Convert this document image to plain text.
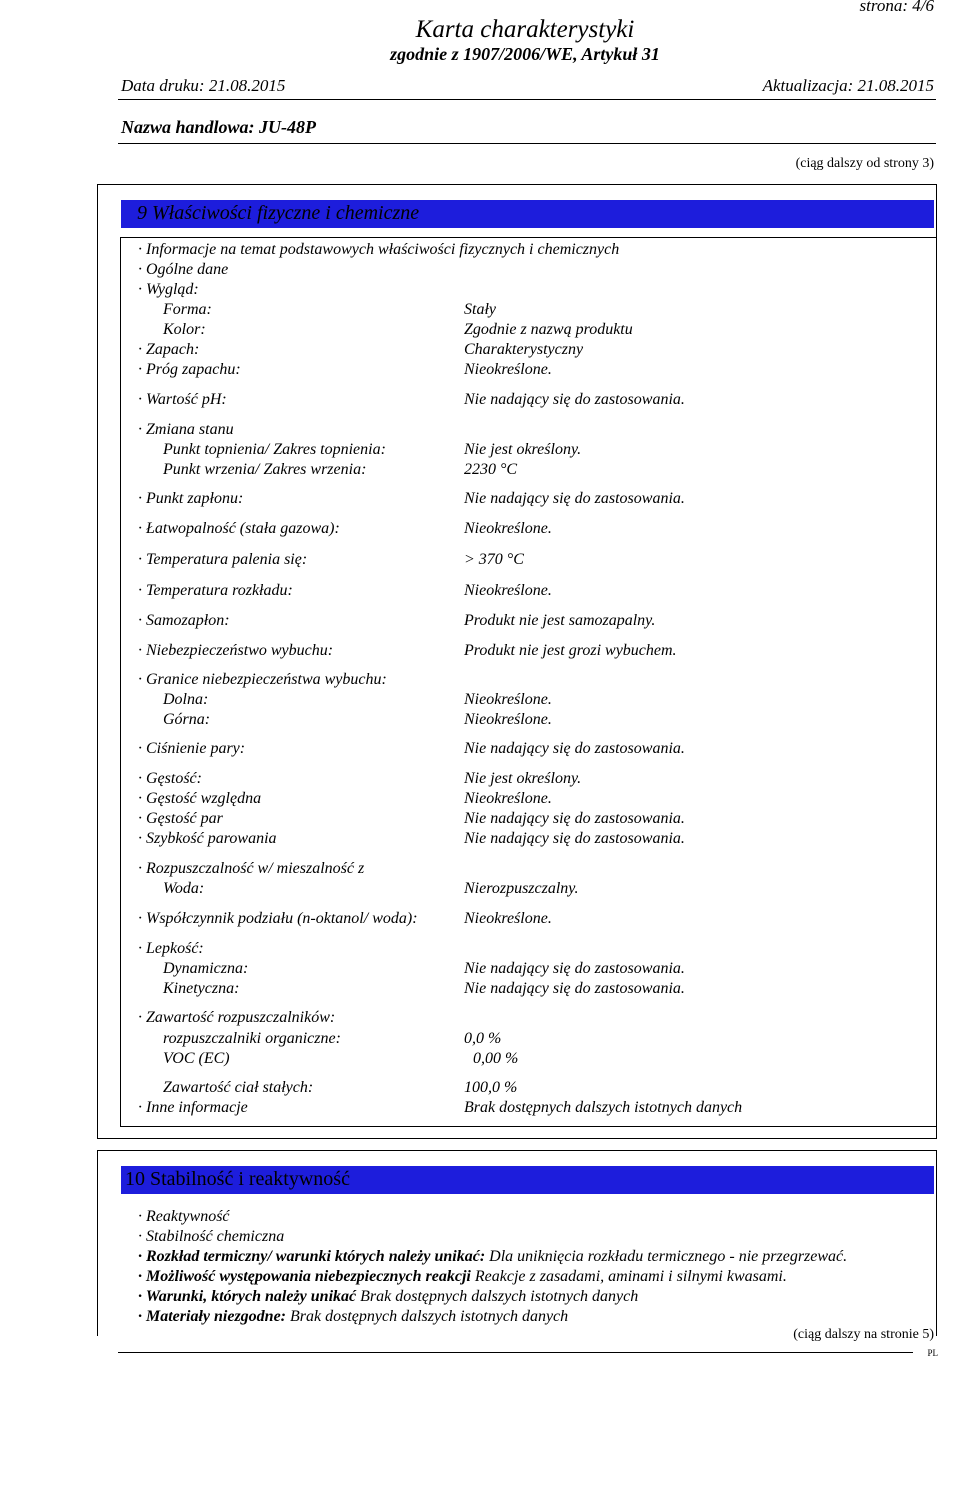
strona: 4/6
Karta charakterystyki
zgodnie z 1907/2006/WE, Artykuł 31
Data druku: 21.08.2015	Aktualizacja: 21.08.2015
Nazwa handlowa: JU-48P
(ciąg dalszy od strony 3)
9 Właściwości fizyczne i chemiczne
· Informacje na temat podstawowych właściwości fizycznych i chemicznych
· Ogólne dane
· Wygląd:
Forma:	Stały
Kolor:	Zgodnie z nazwą produktu
· Zapach:	Charakterystyczny
· Próg zapachu:	Nieokreślone.
· Wartość pH:	Nie nadający się do zastosowania.
· Zmiana stanu
Punkt topnienia/ Zakres topnienia:	Nie jest określony.
Punkt wrzenia/ Zakres wrzenia:	2230 °C
· Punkt zapłonu:	Nie nadający się do zastosowania.
· Łatwopalność (stała gazowa):	Nieokreślone.
· Temperatura palenia się:	> 370 °C
· Temperatura rozkładu:	Nieokreślone.
· Samozapłon:	Produkt nie jest samozapalny.
· Niebezpieczeństwo wybuchu:	Produkt nie jest grozi wybuchem.
· Granice niebezpieczeństwa wybuchu:
Dolna:	Nieokreślone.
Górna:	Nieokreślone.
· Ciśnienie pary:	Nie nadający się do zastosowania.
· Gęstość:	Nie jest określony.
· Gęstość względna	Nieokreślone.
· Gęstość par	Nie nadający się do zastosowania.
· Szybkość parowania	Nie nadający się do zastosowania.
· Rozpuszczalność w/ mieszalność z
Woda:	Nierozpuszczalny.
· Współczynnik podziału (n-oktanol/ woda):	Nieokreślone.
· Lepkość:
Dynamiczna:	Nie nadający się do zastosowania.
Kinetyczna:	Nie nadający się do zastosowania.
· Zawartość rozpuszczalników:
rozpuszczalniki organiczne:	0,0 %
VOC (EC)	0,00 %
Zawartość ciał stałych:	100,0 %
· Inne informacje	Brak dostępnych dalszych istotnych danych
10 Stabilność i reaktywność
· Reaktywność
· Stabilność chemiczna
· Rozkład termiczny/ warunki których należy unikać: Dla uniknięcia rozkładu termicznego - nie przegrzewać.
· Możliwość występowania niebezpiecznych reakcji Reakcje z zasadami, aminami i silnymi kwasami.
· Warunki, których należy unikać Brak dostępnych dalszych istotnych danych
· Materiały niezgodne: Brak dostępnych dalszych istotnych danych
(ciąg dalszy na stronie 5)
PL
